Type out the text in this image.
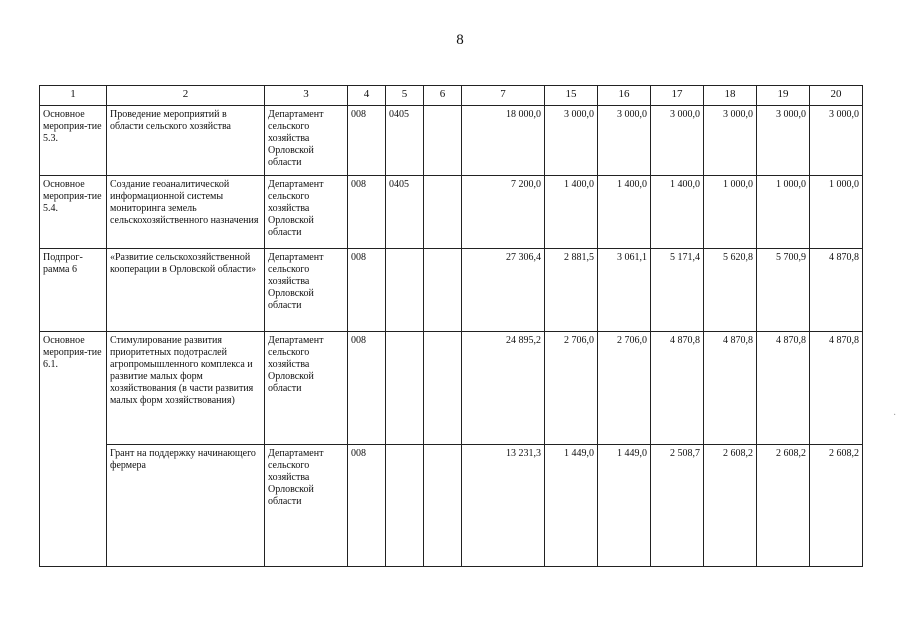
8
1	2	3	4	5	6	7	15	16	17	18	19	20
Основное мероприя-тие 5.3.	Проведение мероприятий в области сельского хозяйства	Департамент сельского хозяйства Орловской области	008	0405		18 000,0	3 000,0	3 000,0	3 000,0	3 000,0	3 000,0	3 000,0
Основное мероприя-тие 5.4.	Создание геоаналитической информационной системы мониторинга земель сельскохозяйственного назначения	Департамент сельского хозяйства Орловской области	008	0405		7 200,0	1 400,0	1 400,0	1 400,0	1 000,0	1 000,0	1 000,0
Подпрог-рамма 6	«Развитие сельскохозяйственной кооперации в Орловской области»	Департамент сельского хозяйства Орловской области	008			27 306,4	2 881,5	3 061,1	5 171,4	5 620,8	5 700,9	4 870,8
Основное мероприя-тие 6.1.	Стимулирование развития приоритетных подотраслей агропромышленного комплекса и развитие малых форм хозяйствования (в части развития малых форм хозяйствования)	Департамент сельского хозяйства Орловской области	008			24 895,2	2 706,0	2 706,0	4 870,8	4 870,8	4 870,8	4 870,8
	Грант на поддержку начинающего фермера	Департамент сельского хозяйства Орловской области	008			13 231,3	1 449,0	1 449,0	2 508,7	2 608,2	2 608,2	2 608,2
·
